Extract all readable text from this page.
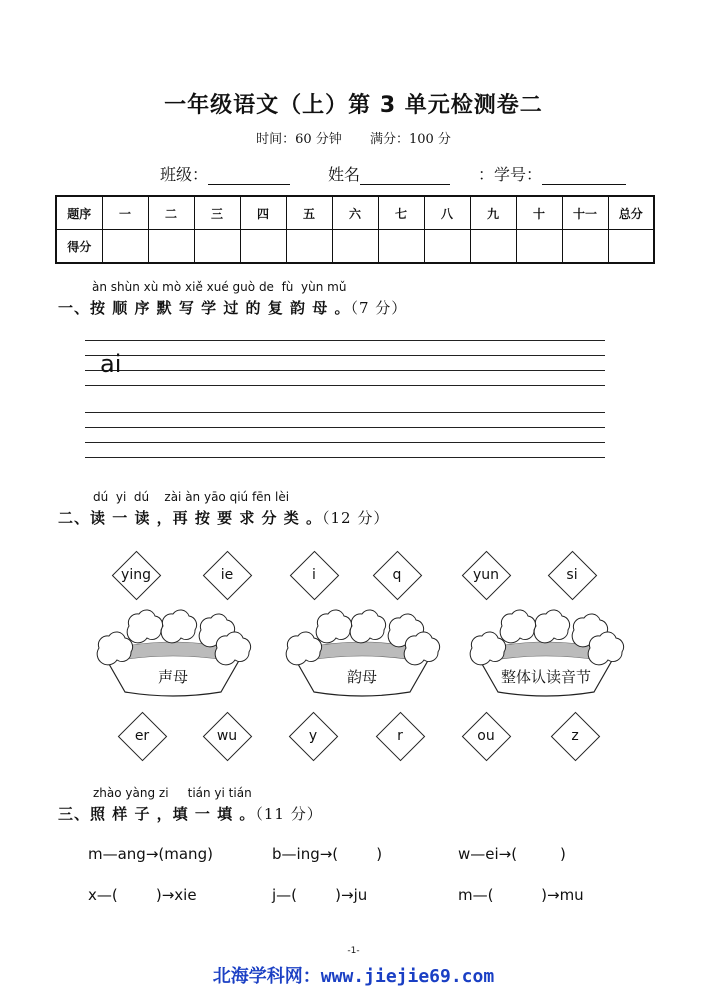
一年级语文（上）第 3 单元检测卷二
时间：60 分钟 满分：100 分
班级：	姓名	：学号：
题序	一	二	三	四	五	六	七	八	九	十	十一	总分
得分												
àn shùn xù mò xiě xué guò de  fù  yùn mǔ
一、按 顺 序 默 写 学 过 的 复 韵 母 。（7 分）
ai
dú  yi  dú    zài àn yāo qiú fēn lèi
二、读 一 读 ，再 按 要 求 分 类 。（12 分）
ying	ie	i	q	yun	si
声母	韵母	整体认读音节
er	wu	y	r	ou	z
zhào yàng zi     tián yi tián
三、照 样 子 ，填 一 填 。（11 分）
m—ang→(mang)	b—ing→(        )	w—ei→(         )
x—(        )→xie	j—(        )→ju	m—(          )→mu
-1-
北海学科网：www.jiejie69.com
